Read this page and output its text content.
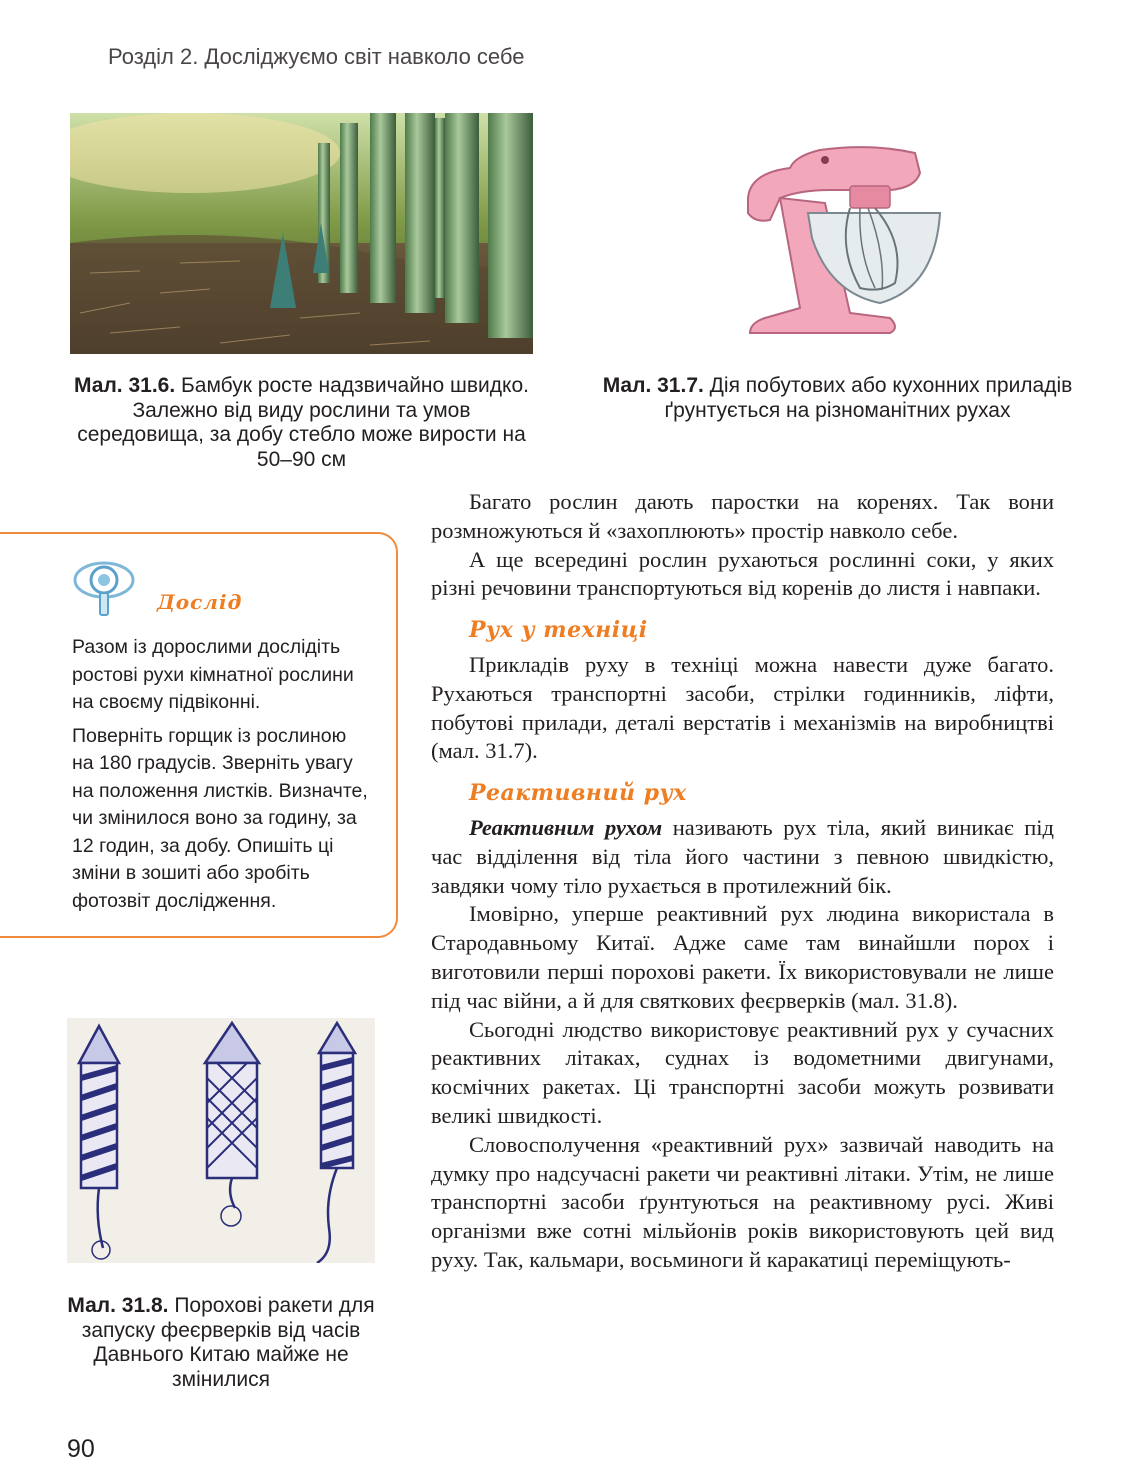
Розділ 2. Досліджуємо світ навколо себе
Мал. 31.6. Бамбук росте надзвичайно швидко. Залежно від виду рослини та умов середовища, за добу стебло може вирости на 50–90 см
Мал. 31.7. Дія побутових або кухонних приладів ґрунтується на різноманітних рухах
Дослід

Разом із дорослими дослідіть ростові рухи кімнатної рослини на своєму підвіконні.

Поверніть горщик із рослиною на 180 градусів. Зверніть увагу на положення листків. Визначте, чи змінилося воно за годину, за 12 годин, за добу. Опишіть ці зміни в зошиті або зробіть фотозвіт дослідження.

Мал. 31.8. Порохові ракети для запуску феєрверків від часів Давнього Китаю майже не змінилися

Багато рослин дають паростки на коренях. Так вони розмножуються й «захоплюють» простір навколо себе.

А ще всередині рослин рухаються рослинні соки, у яких різні речовини транспортуються від коренів до листя і навпаки.

Рух у техніці

Прикладів руху в техніці можна навести дуже багато. Рухаються транспортні засоби, стрілки годинників, ліфти, побутові прилади, деталі верстатів і механізмів на виробництві (мал. 31.7).

Реактивний рух

Реактивним рухом називають рух тіла, який виникає під час відділення від тіла його частини з певною швидкістю, завдяки чому тіло рухається в протилежний бік.

Імовірно, уперше реактивний рух людина використала в Стародавньому Китаї. Адже саме там винайшли порох і виготовили перші порохові ракети. Їх використовували не лише під час війни, а й для святкових феєрверків (мал. 31.8).

Сьогодні людство використовує реактивний рух у сучасних реактивних літаках, суднах із водометними двигунами, космічних ракетах. Ці транспортні засоби можуть розвивати великі швидкості.

Словосполучення «реактивний рух» зазвичай наводить на думку про надсучасні ракети чи реактивні літаки. Утім, не лише транспортні засоби ґрунтуються на реактивному русі. Живі організми вже сотні мільйонів років використовують цей вид руху. Так, кальмари, восьминоги й каракатиці переміщують-

90
